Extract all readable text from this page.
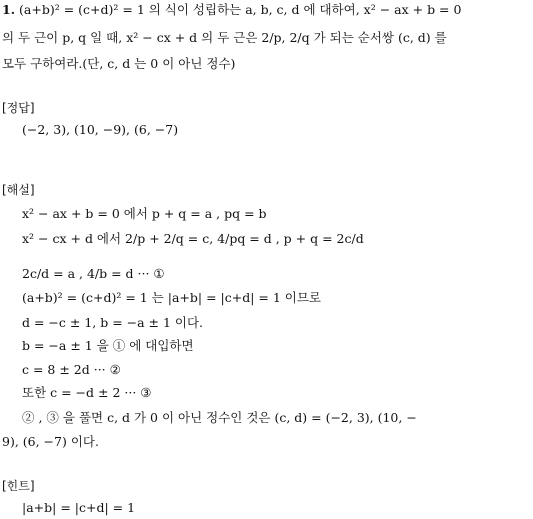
1. (a+b)² = (c+d)² = 1 의 식이 성립하는 a, b, c, d 에 대하여, x² − ax + b = 0
의 두 근이 p, q 일 때, x² − cx + d 의 두 근은 2/p, 2/q 가 되는 순서쌍 (c, d) 를
모두 구하여라.(단, c, d 는 0 이 아닌 정수)
[정답]
(−2, 3), (10, −9), (6, −7)
[해설]
x² − ax + b = 0 에서 p + q = a , pq = b
x² − cx + d 에서 2/p + 2/q = c, 4/pq = d , p + q = 2c/d
2c/d = a , 4/b = d ··· ①
(a+b)² = (c+d)² = 1 는 |a+b| = |c+d| = 1 이므로
d = −c ± 1, b = −a ± 1 이다.
b = −a ± 1 을 ① 에 대입하면
c = 8 ± 2d ··· ②
또한 c = −d ± 2 ··· ③
② , ③ 을 풀면 c, d 가 0 이 아닌 정수인 것은 (c, d) = (−2, 3), (10, −
9), (6, −7) 이다.
[힌트]
|a+b| = |c+d| = 1
